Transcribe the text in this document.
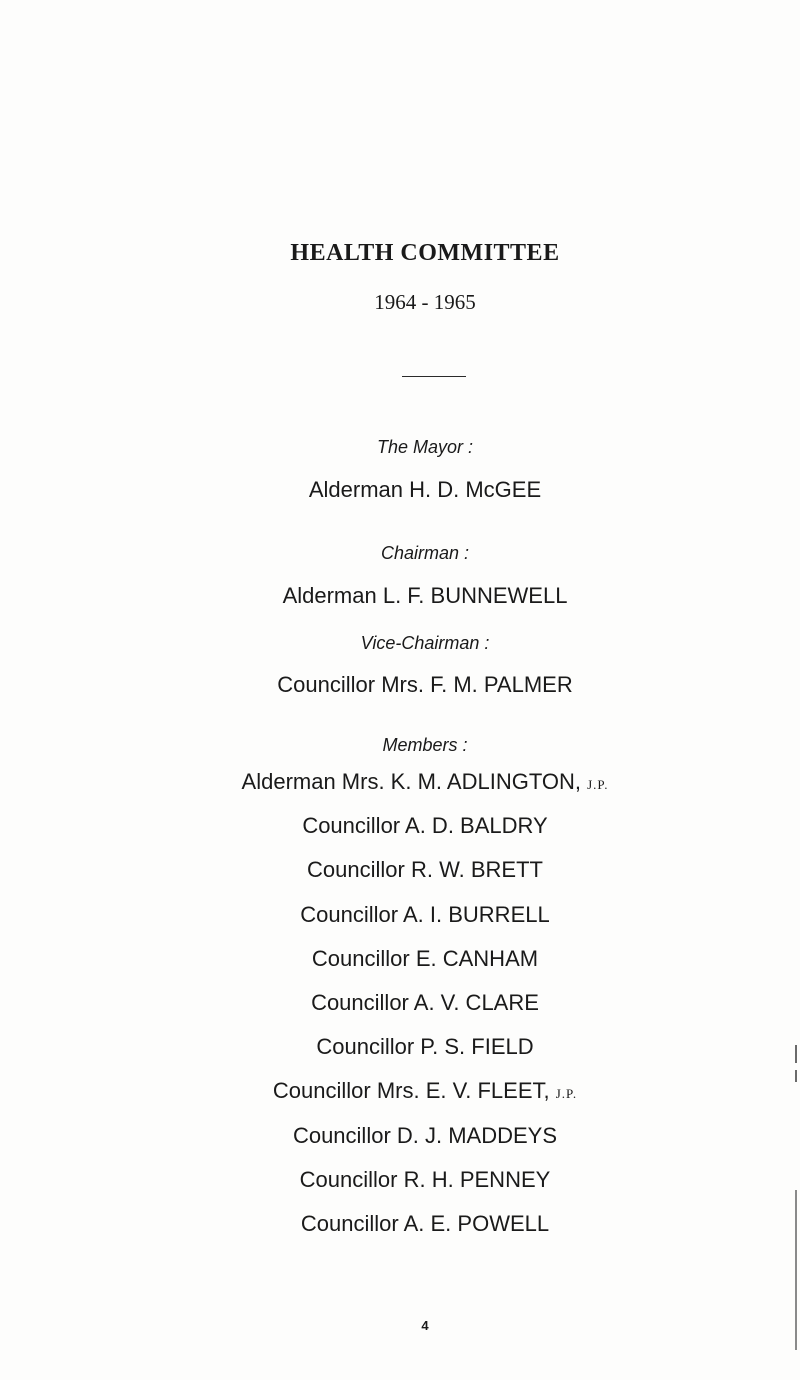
HEALTH COMMITTEE
1964 - 1965
The Mayor :
Alderman H. D. McGEE
Chairman :
Alderman L. F. BUNNEWELL
Vice-Chairman :
Councillor Mrs. F. M. PALMER
Members :
Alderman Mrs. K. M. ADLINGTON, J.P.
Councillor A. D. BALDRY
Councillor R. W. BRETT
Councillor A. I. BURRELL
Councillor E. CANHAM
Councillor A. V. CLARE
Councillor P. S. FIELD
Councillor Mrs. E. V. FLEET, J.P.
Councillor D. J. MADDEYS
Councillor R. H. PENNEY
Councillor A. E. POWELL
4
